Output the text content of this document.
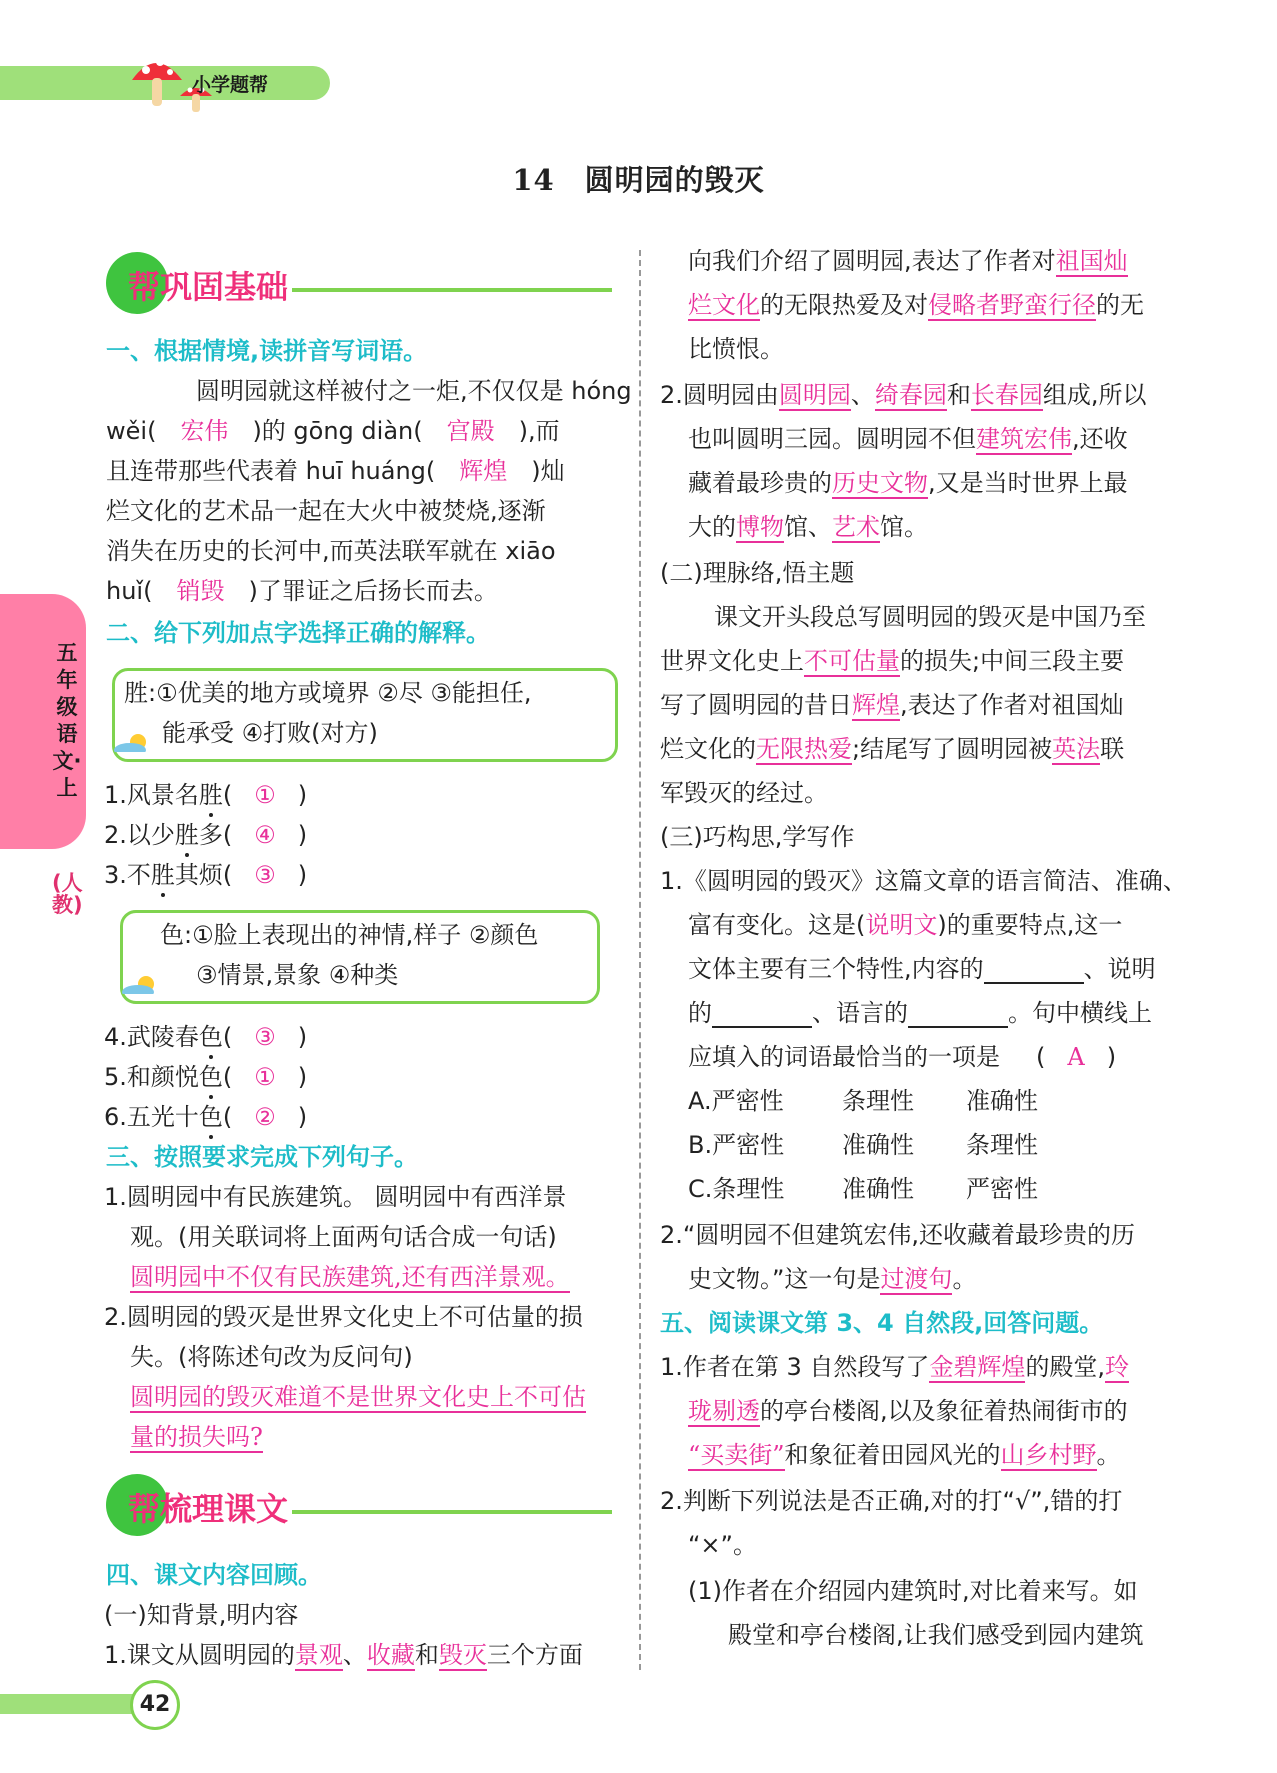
小学题帮
14 圆明园的毁灭
五年级语文·上
(人教)
帮巩固基础
一、根据情境,读拼音写词语。
圆明园就这样被付之一炬,不仅仅是 hóng
wěi( 宏伟 )的 gōng diàn( 宫殿 ),而
且连带那些代表着 huī huáng( 辉煌 )灿
烂文化的艺术品一起在大火中被焚烧,逐渐
消失在历史的长河中,而英法联军就在 xiāo
huǐ( 销毁 )了罪证之后扬长而去。
二、给下列加点字选择正确的解释。
胜:①优美的地方或境界 ②尽 ③能担任,
能承受 ④打败(对方)
1.风景名胜( ① )
2.以少胜多( ④ )
3.不胜其烦( ③ )
色:①脸上表现出的神情,样子 ②颜色
③情景,景象 ④种类
4.武陵春色( ③ )
5.和颜悦色( ① )
6.五光十色( ② )
三、按照要求完成下列句子。
1.圆明园中有民族建筑。 圆明园中有西洋景
观。(用关联词将上面两句话合成一句话)
圆明园中不仅有民族建筑,还有西洋景观。
2.圆明园的毁灭是世界文化史上不可估量的损
失。(将陈述句改为反问句)
圆明园的毁灭难道不是世界文化史上不可估
量的损失吗?
帮梳理课文
四、课文内容回顾。
(一)知背景,明内容
1.课文从圆明园的景观、收藏和毁灭三个方面
向我们介绍了圆明园,表达了作者对祖国灿
烂文化的无限热爱及对侵略者野蛮行径的无
比愤恨。
2.圆明园由圆明园、绮春园和长春园组成,所以
也叫圆明三园。圆明园不但建筑宏伟,还收
藏着最珍贵的历史文物,又是当时世界上最
大的博物馆、艺术馆。
(二)理脉络,悟主题
课文开头段总写圆明园的毁灭是中国乃至
世界文化史上不可估量的损失;中间三段主要
写了圆明园的昔日辉煌,表达了作者对祖国灿
烂文化的无限热爱;结尾写了圆明园被英法联
军毁灭的经过。
(三)巧构思,学写作
1.《圆明园的毁灭》这篇文章的语言简洁、准确、
富有变化。这是(说明文)的重要特点,这一
文体主要有三个特性,内容的	、说明
的	、语言的	。句中横线上
应填入的词语最恰当的一项是 ( A )
A.严密性 条理性 准确性
B.严密性 准确性 条理性
C.条理性 准确性 严密性
2.“圆明园不但建筑宏伟,还收藏着最珍贵的历
史文物。”这一句是过渡句。
五、阅读课文第 3、4 自然段,回答问题。
1.作者在第 3 自然段写了金碧辉煌的殿堂,玲
珑剔透的亭台楼阁,以及象征着热闹街市的
“买卖街”和象征着田园风光的山乡村野。
2.判断下列说法是否正确,对的打“√”,错的打
“×”。
(1)作者在介绍园内建筑时,对比着来写。如
殿堂和亭台楼阁,让我们感受到园内建筑
42
